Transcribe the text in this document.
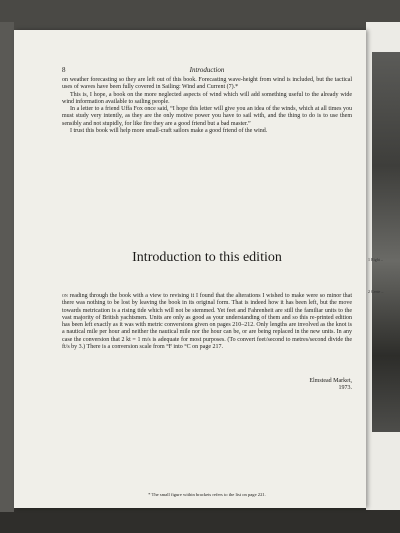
1 Right –
2 Cente –
8	Introduction

on weather forecasting so they are left out of this book. Forecasting wave-height from wind is included, but the tactical uses of waves have been fully covered in Sailing: Wind and Current (7).*

This is, I hope, a book on the more neglected aspects of wind which will add something useful to the already wide wind information available to sailing people.

In a letter to a friend Uffa Fox once said, “I hope this letter will give you an idea of the winds, which at all times you must study very intently, as they are the only motive power you have to sail with, and the thing to do is to use them sensibly and not stupidly, for like fire they are a good friend but a bad master.”

I trust this book will help more small-craft sailors make a good friend of the wind.

Introduction to this edition

on reading through the book with a view to revising it I found that the alterations I wished to make were so minor that there was nothing to be lost by leaving the book in its original form. That is indeed how it has been left, but the move towards metrication is a rising tide which will not be stemmed. Yet feet and Fahrenheit are still the familiar units to the vast majority of British yachtsmen. Units are only as good as your understanding of them and so this re-printed edition has been left exactly as it was with metric conversions given on pages 210–212. Only lengths are involved as the knot is a nautical mile per hour and neither the nautical mile nor the hour can be, or are being replaced in the new units. In any case the conversion that 2 kt = 1 m/s is adequate for most purposes. (To convert feet/second to metres/second divide the ft/s by 3.) There is a conversion scale from °F into °C on page 217.

Elmstead Market,
1973.
* The small figure within brackets refers to the list on page 221.
